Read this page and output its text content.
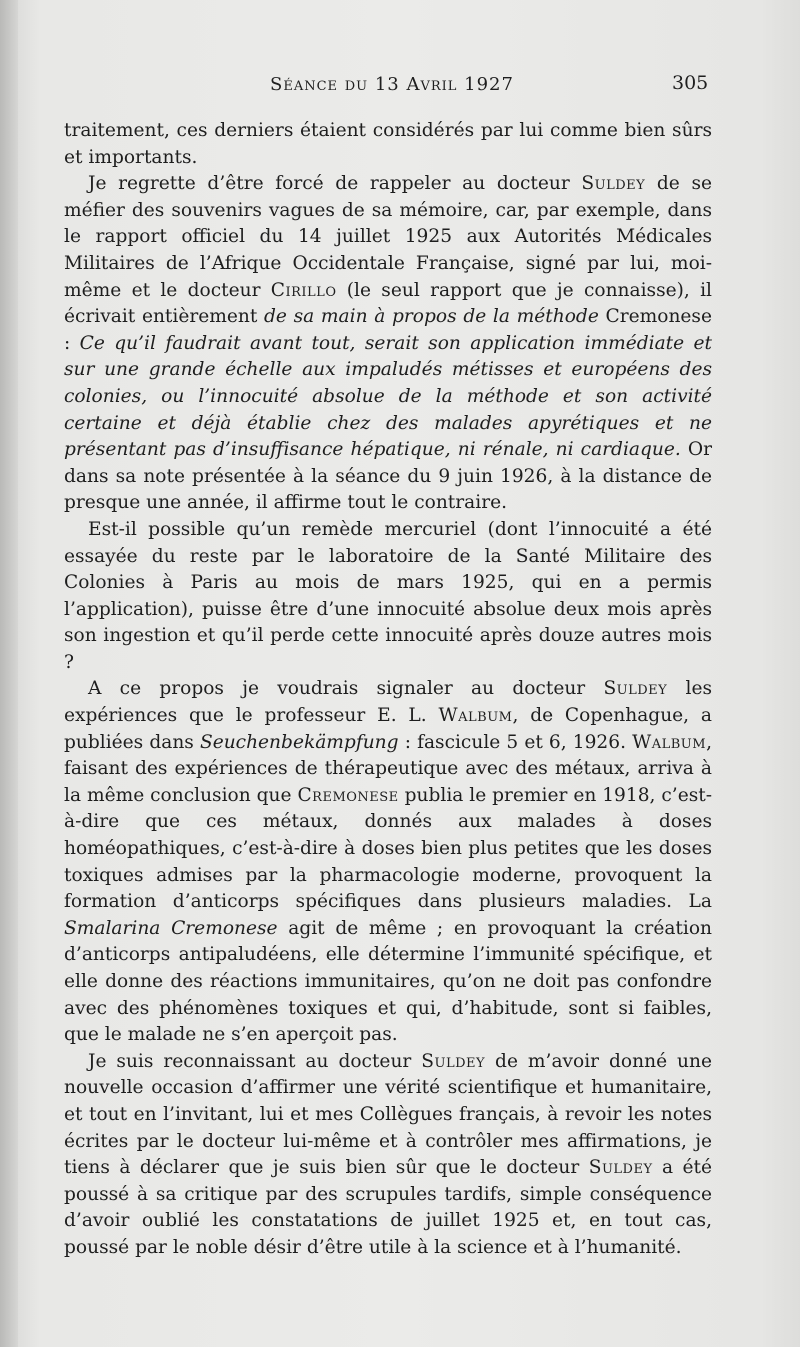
Séance du 13 Avril 1927	305

traitement, ces derniers étaient considérés par lui comme bien sûrs et importants.

Je regrette d’être forcé de rappeler au docteur Suldey de se méfier des souvenirs vagues de sa mémoire, car, par exemple, dans le rapport officiel du 14 juillet 1925 aux Autorités Médicales Militaires de l’Afrique Occidentale Française, signé par lui, moi-même et le docteur Cirillo (le seul rapport que je connaisse), il écrivait entièrement de sa main à propos de la méthode Cremonese : Ce qu’il faudrait avant tout, serait son application immédiate et sur une grande échelle aux impaludés métisses et européens des colonies, ou l’innocuité absolue de la méthode et son activité certaine et déjà établie chez des malades apyrétiques et ne présentant pas d’insuffisance hépatique, ni rénale, ni cardiaque. Or dans sa note présentée à la séance du 9 juin 1926, à la distance de presque une année, il affirme tout le contraire.

Est-il possible qu’un remède mercuriel (dont l’innocuité a été essayée du reste par le laboratoire de la Santé Militaire des Colonies à Paris au mois de mars 1925, qui en a permis l’application), puisse être d’une innocuité absolue deux mois après son ingestion et qu’il perde cette innocuité après douze autres mois ?

A ce propos je voudrais signaler au docteur Suldey les expériences que le professeur E. L. Walbum, de Copenhague, a publiées dans Seuchenbekämpfung : fascicule 5 et 6, 1926. Walbum, faisant des expériences de thérapeutique avec des métaux, arriva à la même conclusion que Cremonese publia le premier en 1918, c’est-à-dire que ces métaux, donnés aux malades à doses homéopathiques, c’est-à-dire à doses bien plus petites que les doses toxiques admises par la pharmacologie moderne, provoquent la formation d’anticorps spécifiques dans plusieurs maladies. La Smalarina Cremonese agit de même ; en provoquant la création d’anticorps antipaludéens, elle détermine l’immunité spécifique, et elle donne des réactions immunitaires, qu’on ne doit pas confondre avec des phénomènes toxiques et qui, d’habitude, sont si faibles, que le malade ne s’en aperçoit pas.

Je suis reconnaissant au docteur Suldey de m’avoir donné une nouvelle occasion d’affirmer une vérité scientifique et humanitaire, et tout en l’invitant, lui et mes Collègues français, à revoir les notes écrites par le docteur lui-même et à contrôler mes affirmations, je tiens à déclarer que je suis bien sûr que le docteur Suldey a été poussé à sa critique par des scrupules tardifs, simple conséquence d’avoir oublié les constatations de juillet 1925 et, en tout cas, poussé par le noble désir d’être utile à la science et à l’humanité.
